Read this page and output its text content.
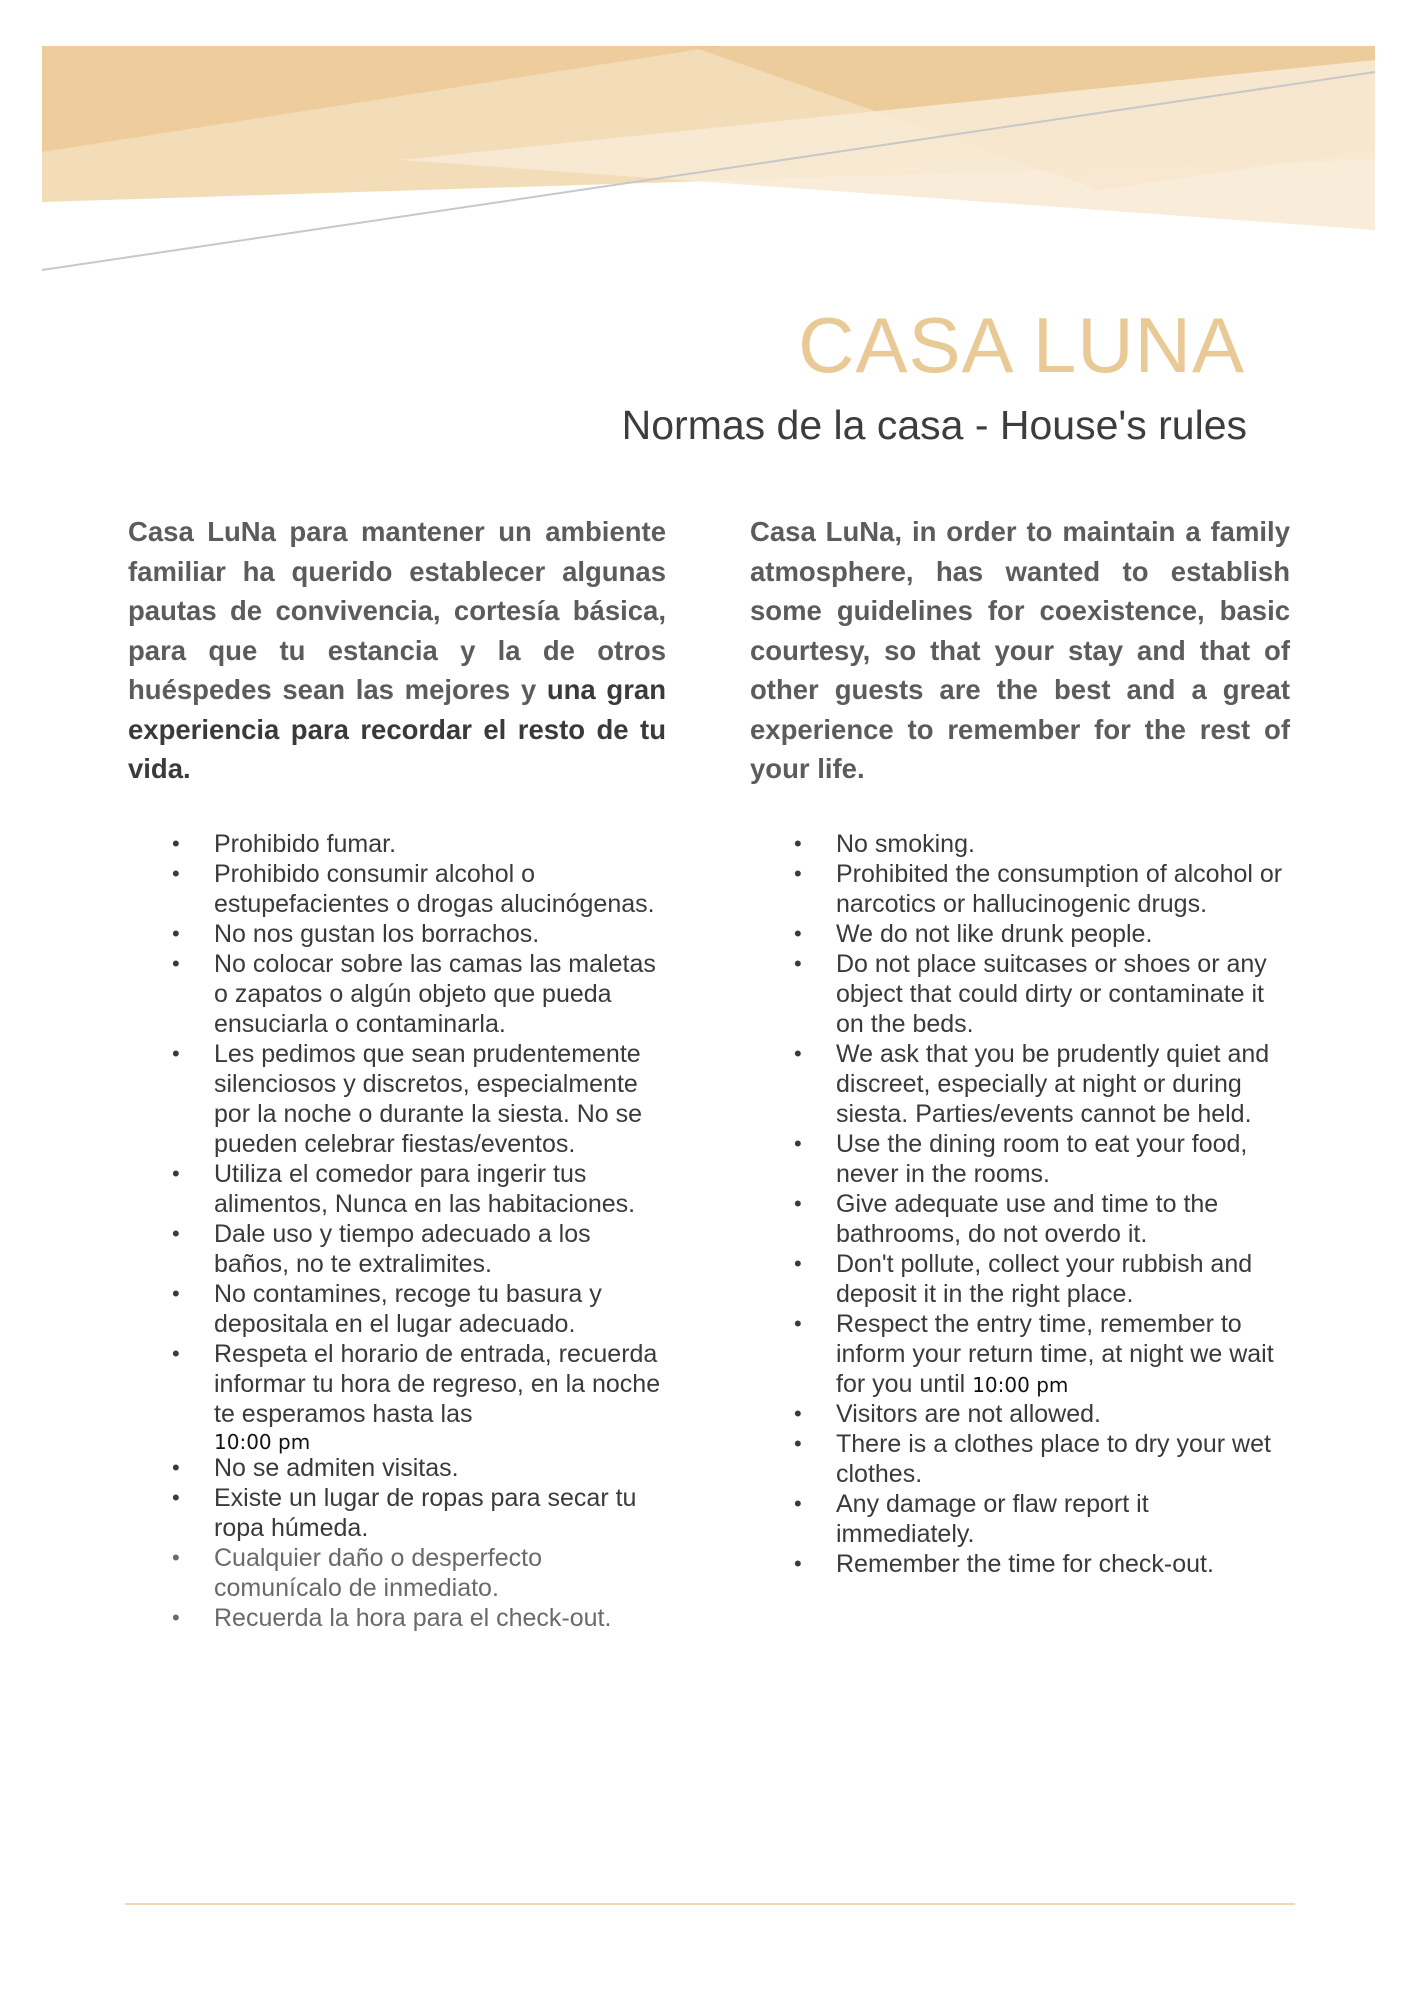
CASA LUNA
Normas de la casa - House's rules

Casa LuNa para mantener un ambiente familiar ha querido establecer algunas pautas de convivencia, cortesía básica, para que tu estancia y la de otros huéspedes sean las mejores y una gran experiencia para recordar el resto de tu vida.

• Prohibido fumar.
• Prohibido consumir alcohol o estupefacientes o drogas alucinógenas.
• No nos gustan los borrachos.
• No colocar sobre las camas las maletas o zapatos o algún objeto que pueda ensuciarla o contaminarla.
• Les pedimos que sean prudentemente silenciosos y discretos, especialmente por la noche o durante la siesta. No se pueden celebrar fiestas/eventos.
• Utiliza el comedor para ingerir tus alimentos, Nunca en las habitaciones.
• Dale uso y tiempo adecuado a los baños, no te extralimites.
• No contamines, recoge tu basura y depositala en el lugar adecuado.
• Respeta el horario de entrada, recuerda informar tu hora de regreso, en la noche te esperamos hasta las
10:00 pm
• No se admiten visitas.
• Existe un lugar de ropas para secar tu ropa húmeda.
• Cualquier daño o desperfecto comunícalo de inmediato.
• Recuerda la hora para el check-out.

Casa LuNa, in order to maintain a family atmosphere, has wanted to establish some guidelines for coexistence, basic courtesy, so that your stay and that of other guests are the best and a great experience to remember for the rest of your life.

• No smoking.
• Prohibited the consumption of alcohol or narcotics or hallucinogenic drugs.
• We do not like drunk people.
• Do not place suitcases or shoes or any object that could dirty or contaminate it on the beds.
• We ask that you be prudently quiet and discreet, especially at night or during siesta. Parties/events cannot be held.
• Use the dining room to eat your food, never in the rooms.
• Give adequate use and time to the bathrooms, do not overdo it.
• Don't pollute, collect your rubbish and deposit it in the right place.
• Respect the entry time, remember to inform your return time, at night we wait for you until 10:00 pm
• Visitors are not allowed.
• There is a clothes place to dry your wet clothes.
• Any damage or flaw report it immediately.
• Remember the time for check-out.
